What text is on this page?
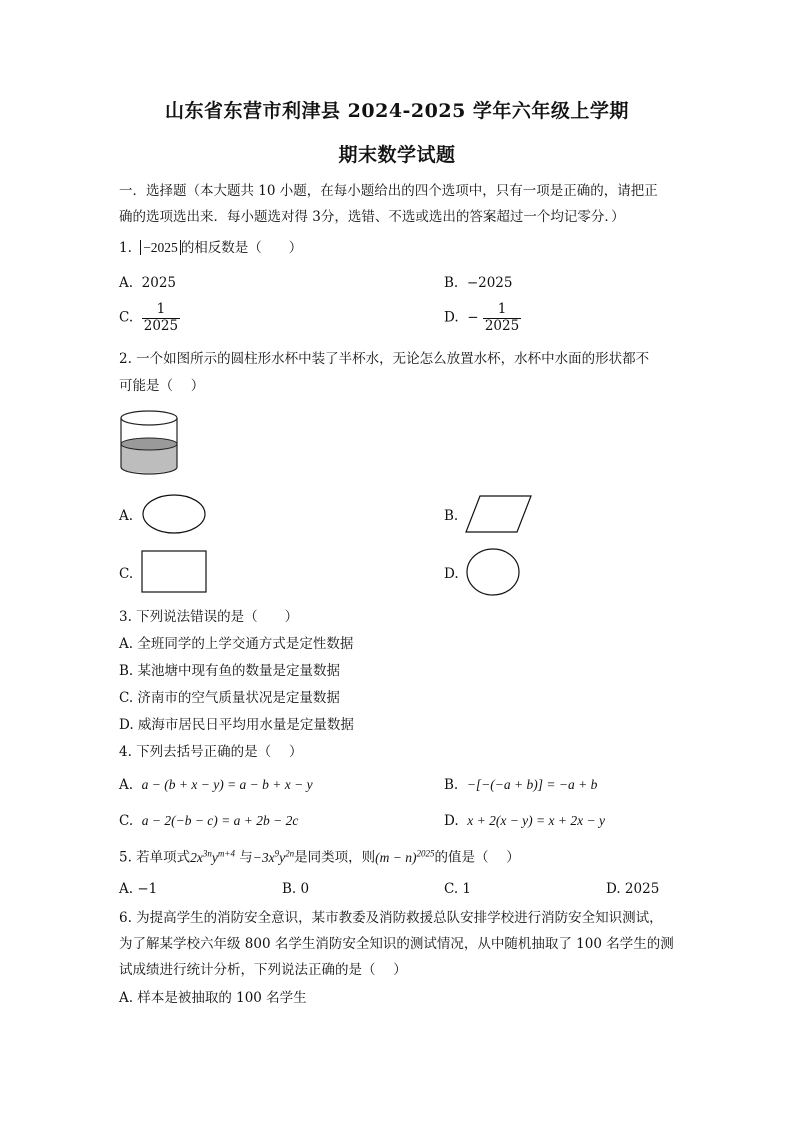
山东省东营市利津县 2024-2025 学年六年级上学期
期末数学试题
一．选择题（本大题共 10 小题，在每小题给出的四个选项中，只有一项是正确的，请把正
确的选项选出来．每小题选对得 3分，选错、不选或选出的答案超过一个均记零分．）
1. −2025 的相反数是（　　）
A. 2025	B. −2025
C. $\frac{1}{2025}$	D. − $\frac{1}{2025}$
2. 一个如图所示的圆柱形水杯中装了半杯水，无论怎么放置水杯，水杯中水面的形状都不
可能是（　 ）
A.	B.
C.	D.
3. 下列说法错误的是（　　）
A. 全班同学的上学交通方式是定性数据
B. 某池塘中现有鱼的数量是定量数据
C. 济南市的空气质量状况是定量数据
D. 威海市居民日平均用水量是定量数据
4. 下列去括号正确的是（　 ）
A. a − (b + x − y) = a − b + x − y	B. −[−(−a + b)] = −a + b
C. a − 2(−b − c) = a + 2b − 2c	D. x + 2(x − y) = x + 2x − y
5. 若单项式$2x^{3n}y^{m+4}$ 与$-3x^9y^{2n}$是同类项，则$(m - n)^{2025}$的值是（　 ）
A. −1	B. 0	C. 1	D. 2025
6. 为提高学生的消防安全意识，某市教委及消防救援总队安排学校进行消防安全知识测试，
为了解某学校六年级 800 名学生消防安全知识的测试情况，从中随机抽取了 100 名学生的测
试成绩进行统计分析，下列说法正确的是（　 ）
A. 样本是被抽取的 100 名学生
